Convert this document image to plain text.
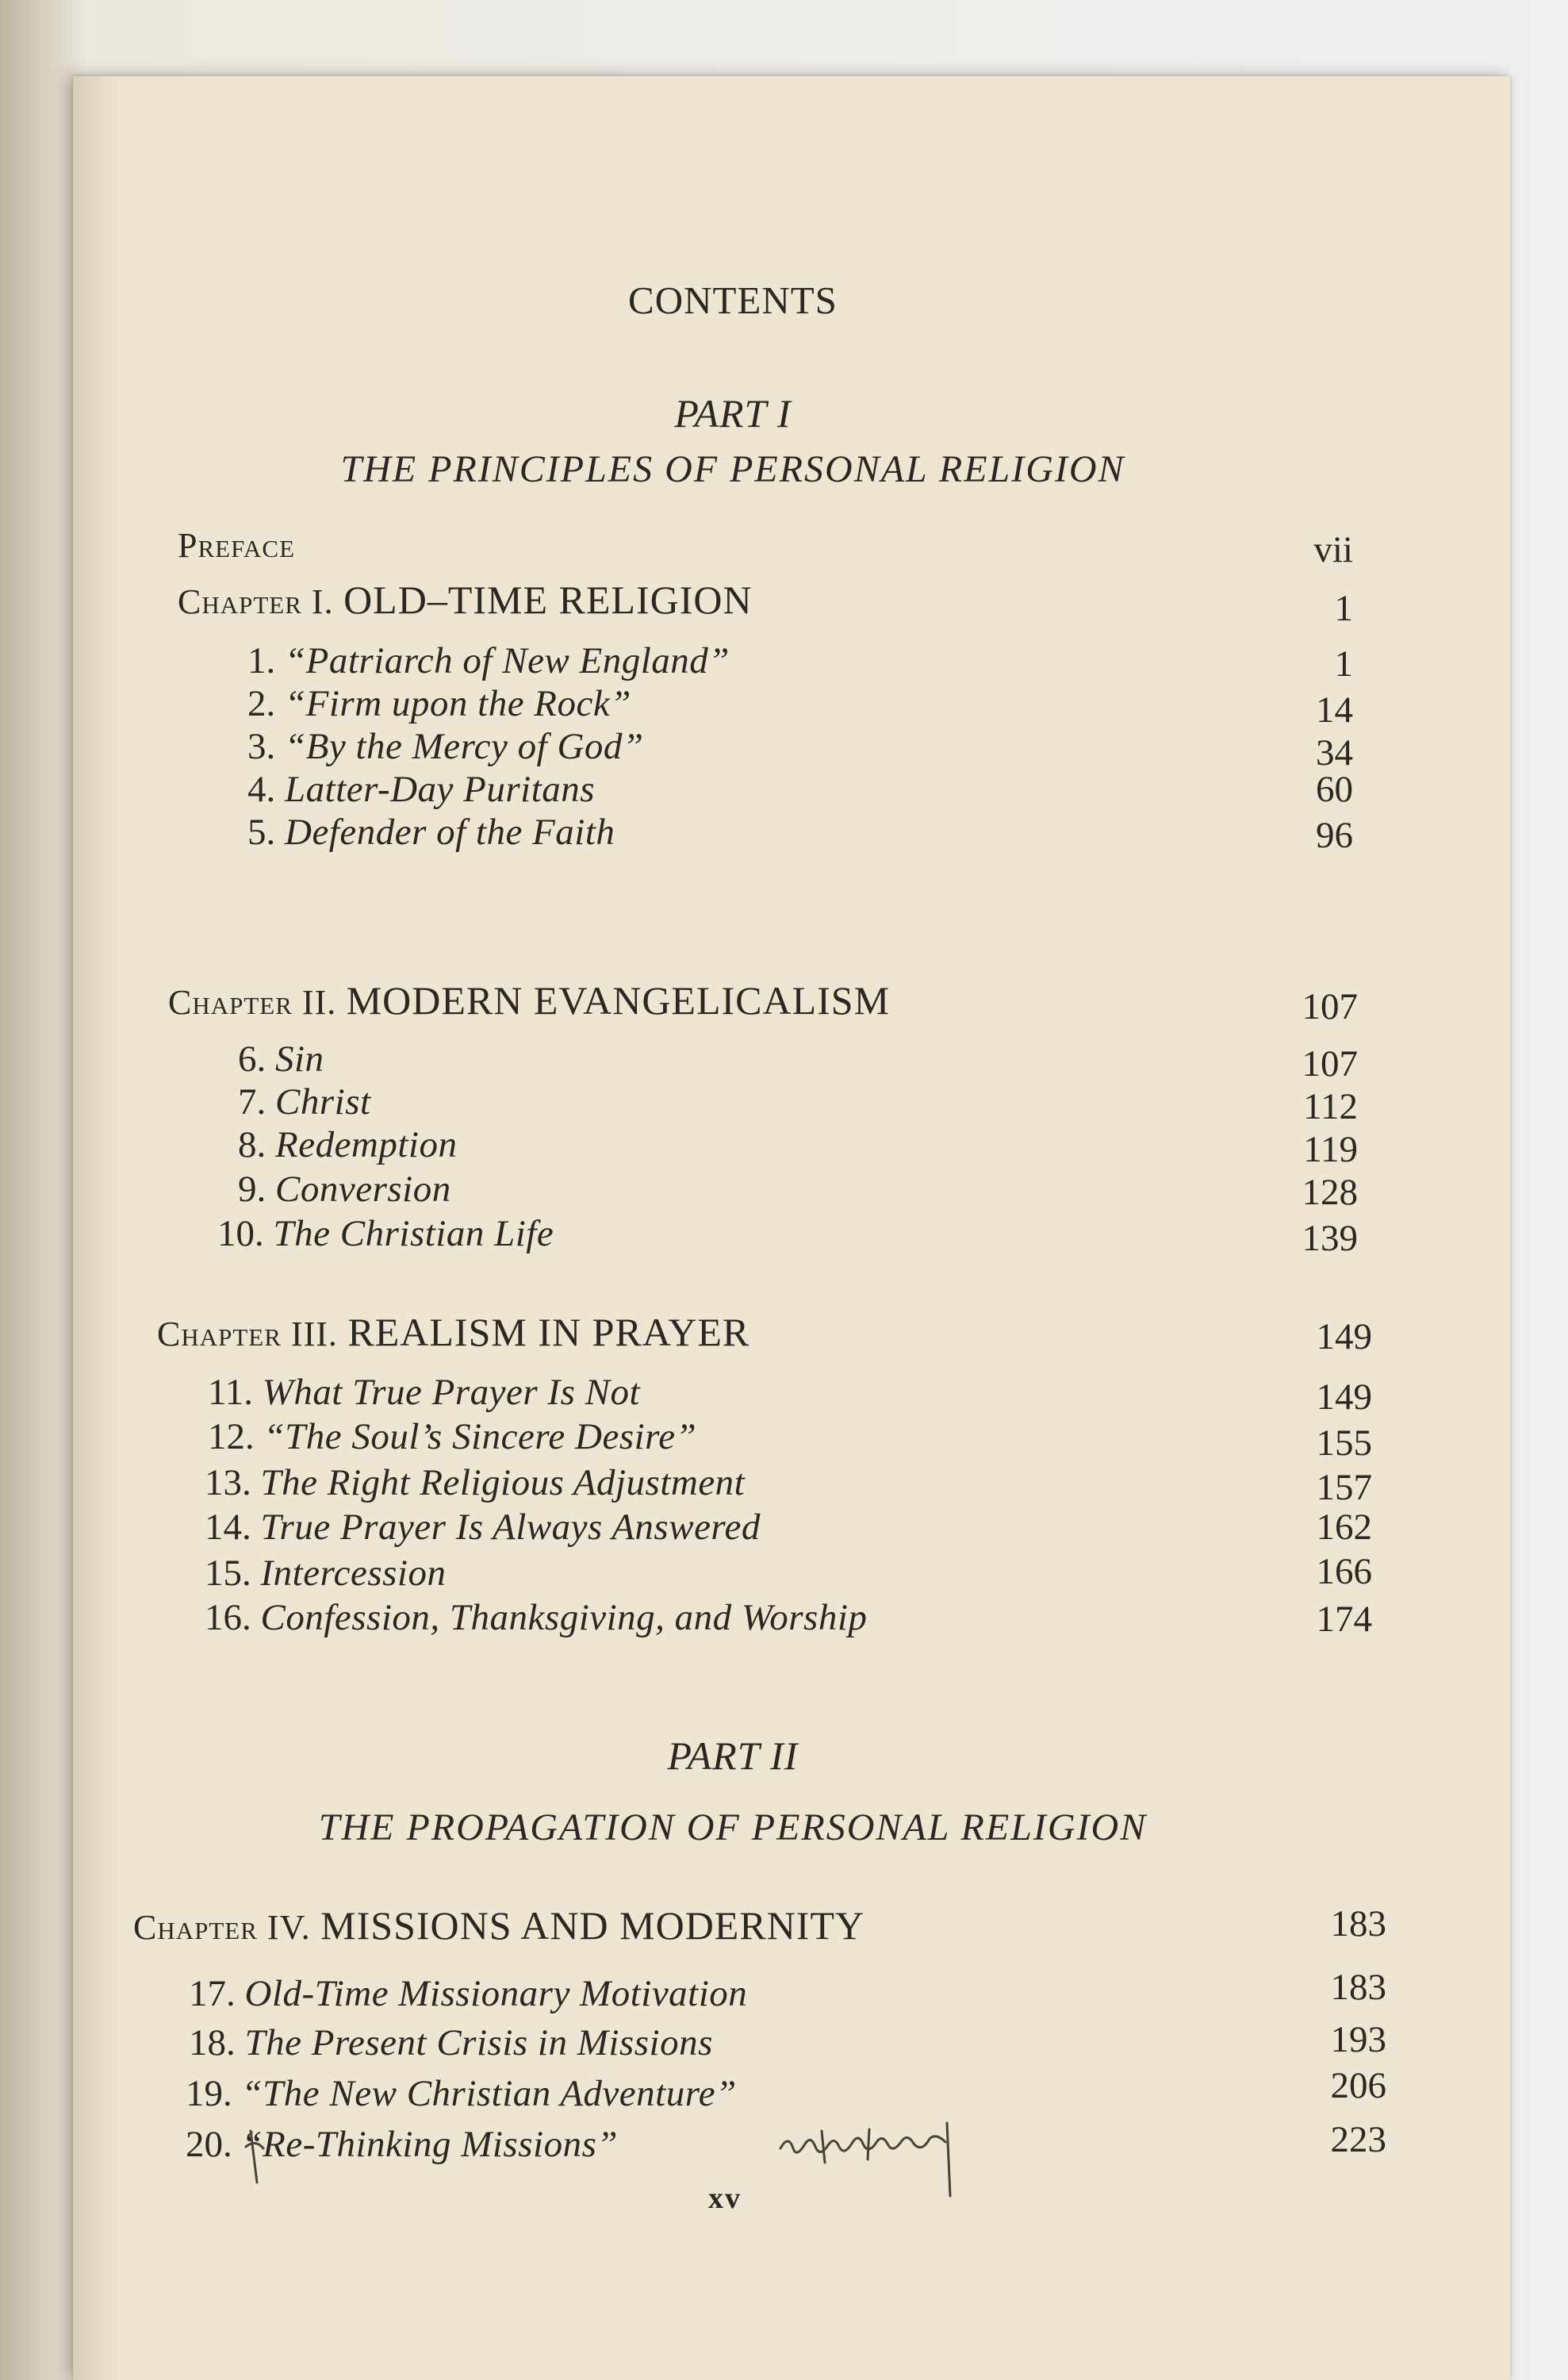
CONTENTS
PART I
THE PRINCIPLES OF PERSONAL RELIGION
Preface	vii
Chapter I. OLD–TIME RELIGION	1
1. “Patriarch of New England”	1
2. “Firm upon the Rock”	14
3. “By the Mercy of God”	34
4. Latter-Day Puritans	60
5. Defender of the Faith	96
Chapter II. MODERN EVANGELICALISM	107
6. Sin	107
7. Christ	112
8. Redemption	119
9. Conversion	128
10. The Christian Life	139
Chapter III. REALISM IN PRAYER	149
11. What True Prayer Is Not	149
12. “The Soul’s Sincere Desire”	155
13. The Right Religious Adjustment	157
14. True Prayer Is Always Answered	162
15. Intercession	166
16. Confession, Thanksgiving, and Worship	174
PART II
THE PROPAGATION OF PERSONAL RELIGION
Chapter IV. MISSIONS AND MODERNITY	183
17. Old-Time Missionary Motivation	183
18. The Present Crisis in Missions	193
19. “The New Christian Adventure”	206
20. “Re-Thinking Missions”	223
xv
